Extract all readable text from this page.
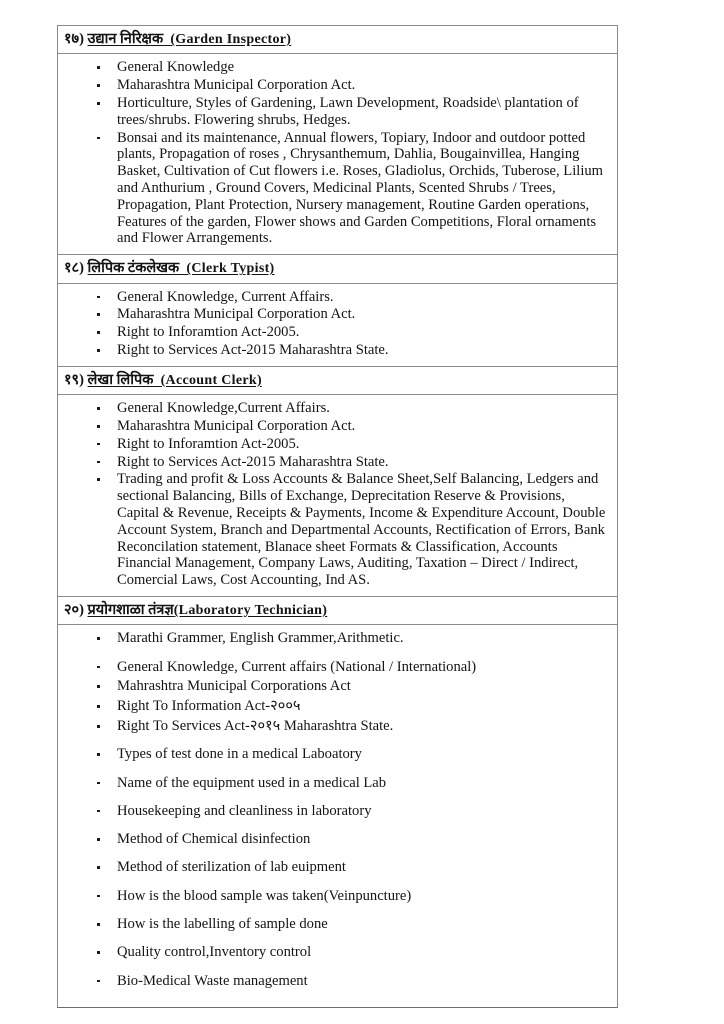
१७) उद्यान निरिक्षक (Garden Inspector)
General Knowledge
Maharashtra Municipal Corporation Act.
Horticulture, Styles of Gardening, Lawn Development, Roadside\ plantation of trees/shrubs. Flowering shrubs, Hedges.
Bonsai and its maintenance, Annual flowers, Topiary, Indoor and outdoor potted plants, Propagation of roses , Chrysanthemum, Dahlia, Bougainvillea, Hanging Basket, Cultivation of Cut flowers i.e. Roses, Gladiolus, Orchids, Tuberose, Lilium and Anthurium , Ground Covers, Medicinal Plants, Scented Shrubs / Trees, Propagation, Plant Protection, Nursery management, Routine Garden operations, Features of the garden, Flower shows and Garden Competitions, Floral ornaments and Flower Arrangements.
१८) लिपिक टंकलेखक (Clerk Typist)
General Knowledge, Current Affairs.
Maharashtra Municipal Corporation Act.
Right to Inforamtion Act-2005.
Right to Services Act-2015 Maharashtra State.
१९) लेखा लिपिक (Account Clerk)
General Knowledge,Current Affairs.
Maharashtra Municipal Corporation Act.
Right to Inforamtion Act-2005.
Right to Services Act-2015 Maharashtra State.
Trading and profit & Loss Accounts & Balance Sheet,Self Balancing, Ledgers and sectional Balancing, Bills of Exchange, Deprecitation Reserve & Provisions, Capital & Revenue, Receipts & Payments, Income & Expenditure Account, Double Account System, Branch and Departmental Accounts, Rectification of Errors, Bank Reconcilation statement, Blanace sheet Formats & Classification, Accounts Financial Management, Company Laws, Auditing, Taxation – Direct / Indirect, Comercial Laws, Cost Accounting, Ind AS.
२०) प्रयोगशाळा तंत्रज्ञ(Laboratory Technician)
Marathi Grammer, English Grammer,Arithmetic.
General Knowledge, Current affairs (National / International)
Mahrashtra Municipal Corporations Act
Right To Information Act-२००५
Right To Services Act-२०१५ Maharashtra State.
Types of test done in a medical Laboatory
Name of the equipment used in a medical Lab
Housekeeping and cleanliness in laboratory
Method of Chemical disinfection
Method of sterilization of lab euipment
How is the blood sample was taken(Veinpuncture)
How is the labelling of sample done
Quality control,Inventory control
Bio-Medical Waste management
